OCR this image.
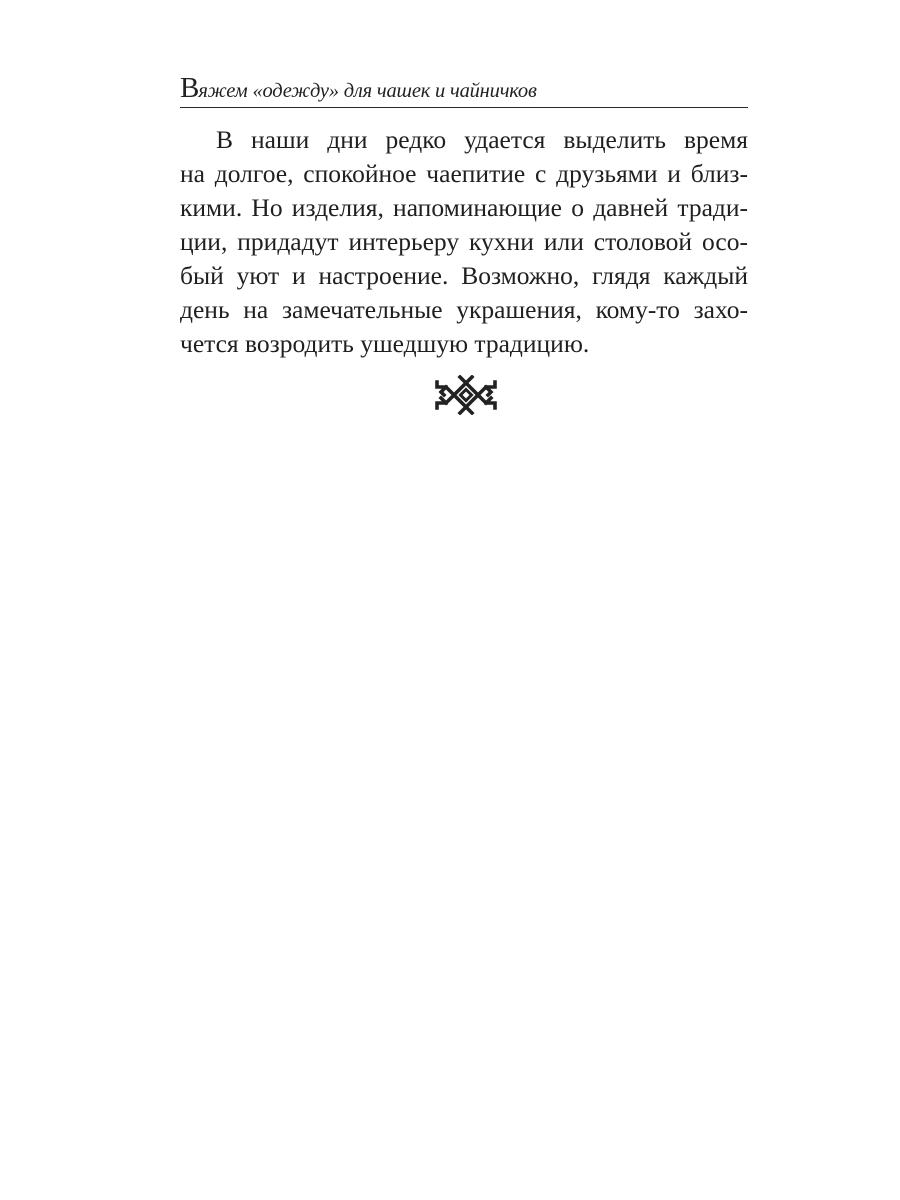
Вяжем «одежду» для чашек и чайничков
В наши дни редко удается выделить время
на долгое, спокойное чаепитие с друзьями и близ-
кими. Но изделия, напоминающие о давней тради-
ции, придадут интерьеру кухни или столовой осо-
бый уют и настроение. Возможно, глядя каждый
день на замечательные украшения, кому-то захо-
чется возродить ушедшую традицию.
